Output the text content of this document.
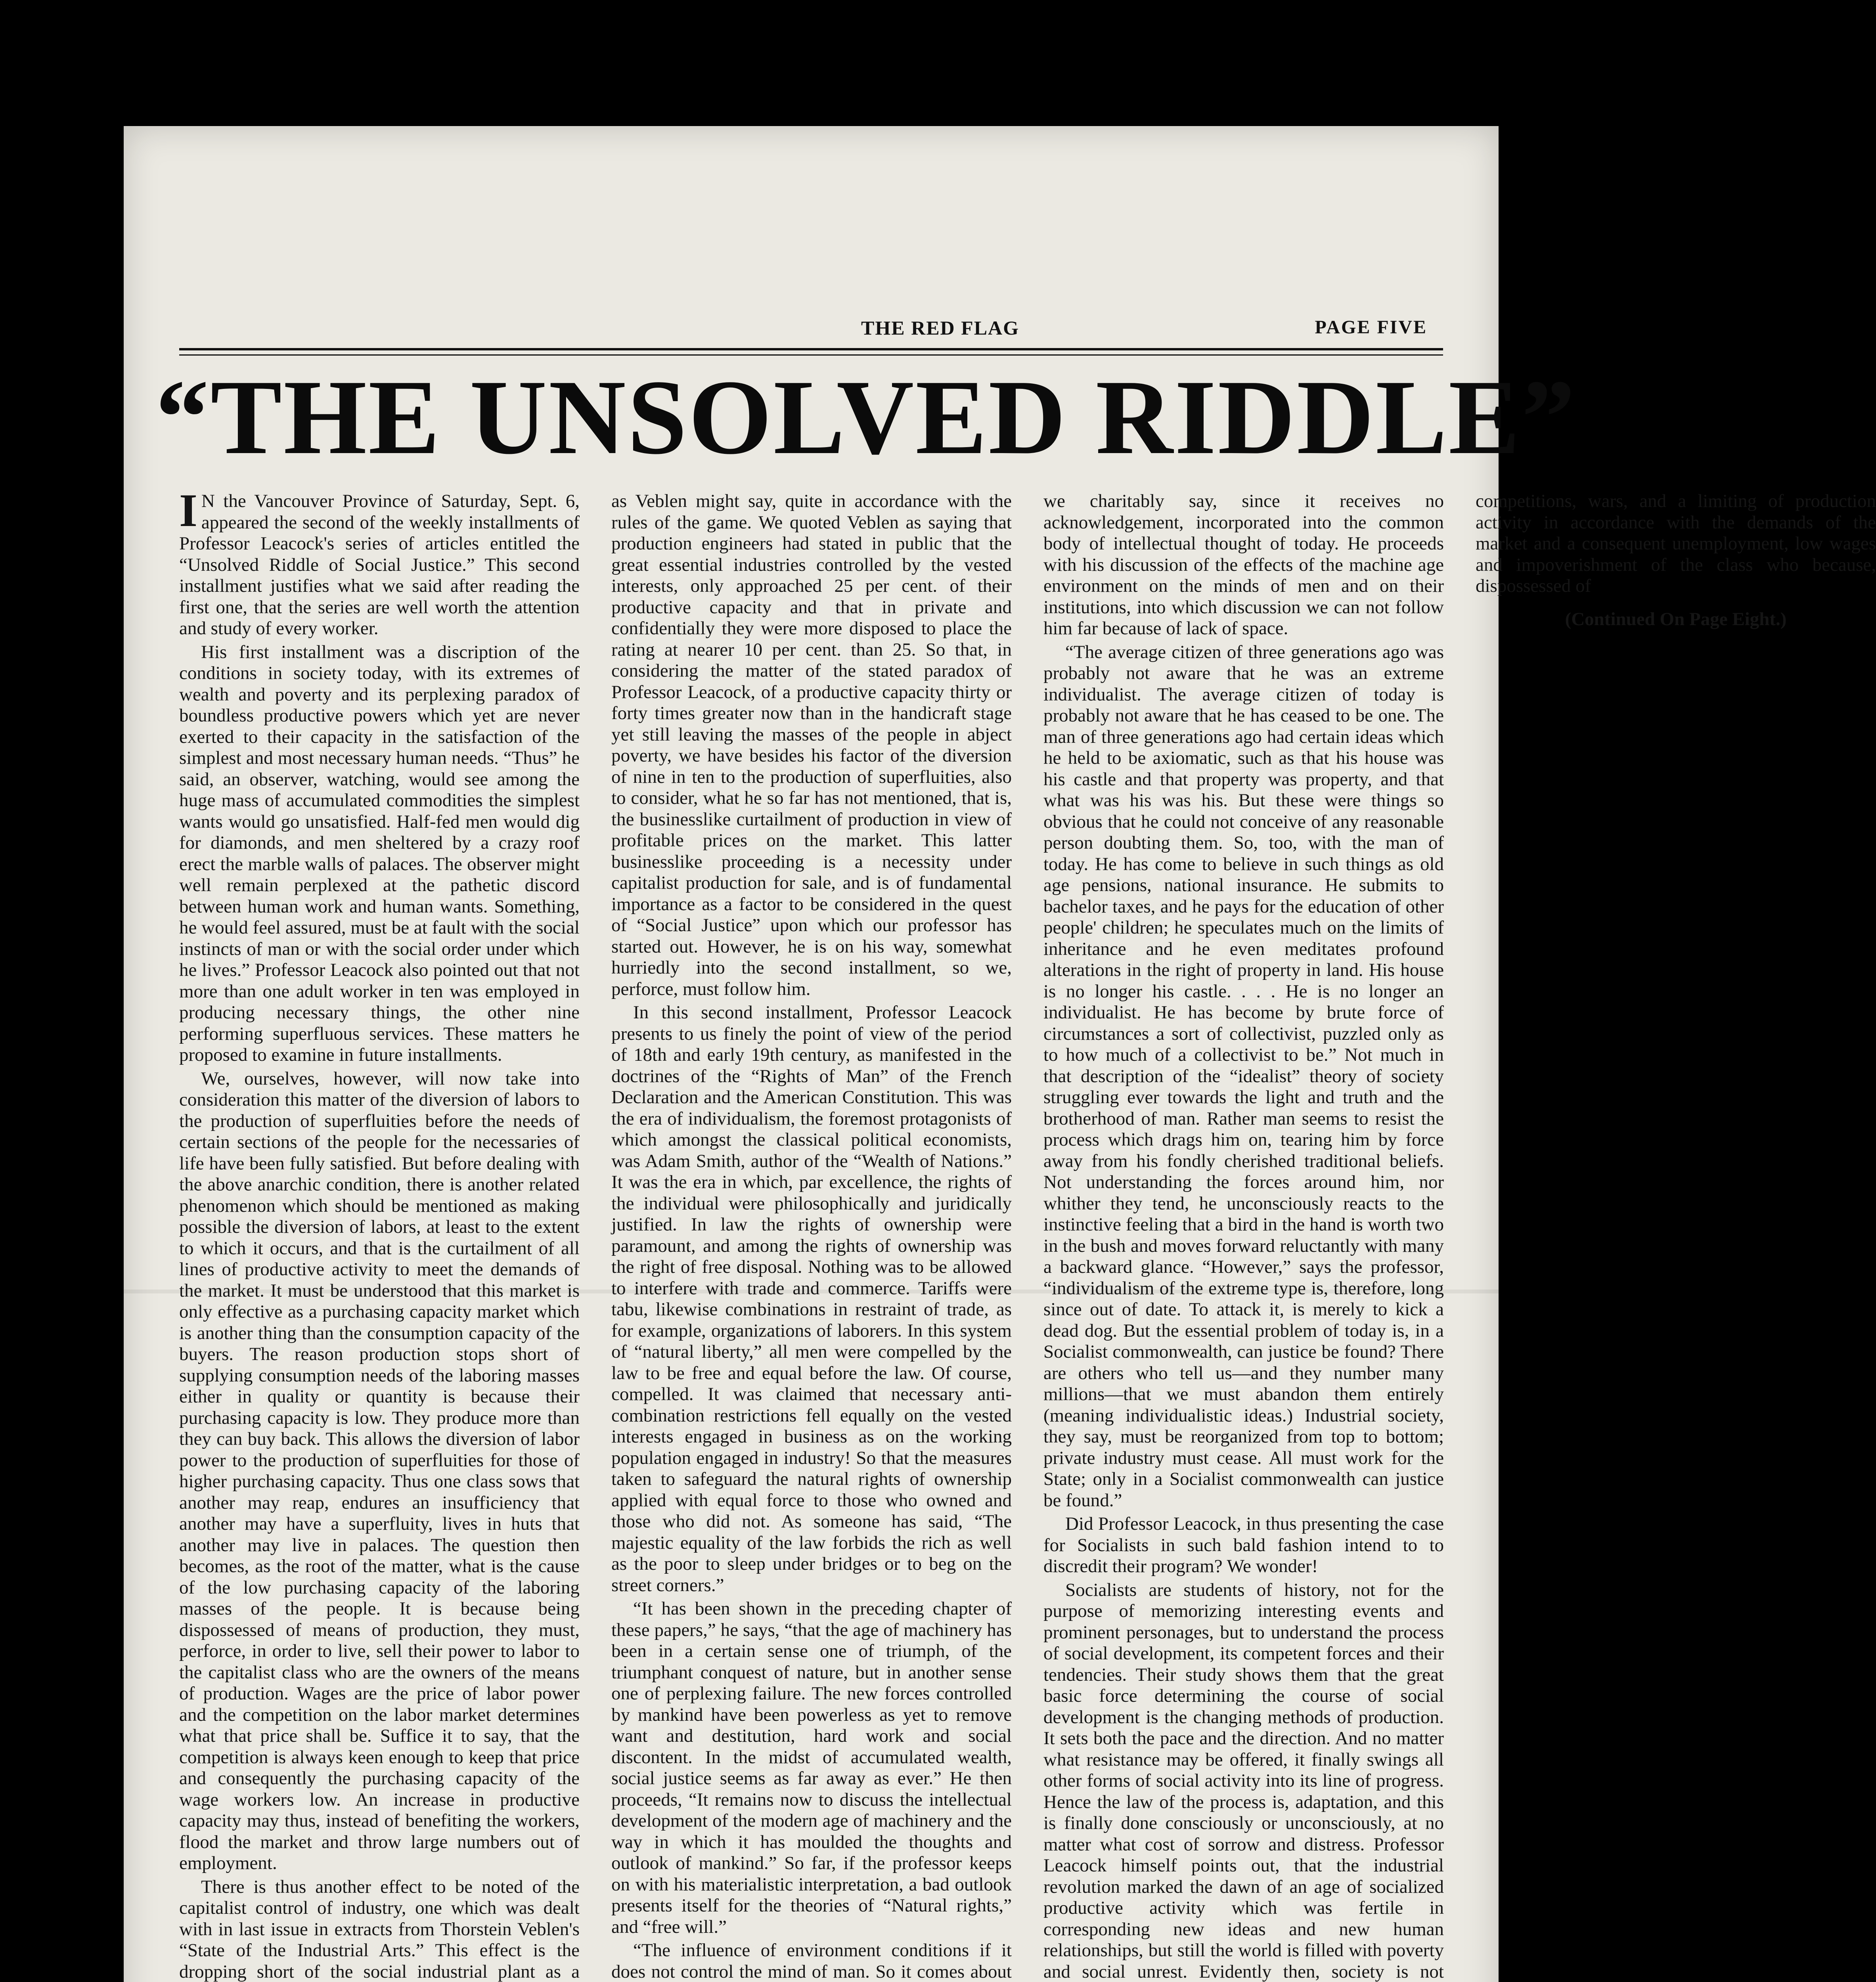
THE RED FLAG	PAGE FIVE
“THE UNSOLVED RIDDLE”

I N the Vancouver Province of Saturday, Sept. 6, appeared the second of the weekly installments of Professor Leacock's series of articles entitled the “Unsolved Riddle of Social Justice.” This second installment justifies what we said after reading the first one, that the series are well worth the attention and study of every worker.

His first installment was a discription of the conditions in society today, with its extremes of wealth and poverty and its perplexing paradox of boundless productive powers which yet are never exerted to their capacity in the satisfaction of the simplest and most necessary human needs. “Thus” he said, an observer, watching, would see among the huge mass of accumulated commodities the simplest wants would go unsatisfied. Half-fed men would dig for diamonds, and men sheltered by a crazy roof erect the marble walls of palaces. The observer might well remain perplexed at the pathetic discord between human work and human wants. Something, he would feel assured, must be at fault with the social instincts of man or with the social order under which he lives.” Professor Leacock also pointed out that not more than one adult worker in ten was employed in producing necessary things, the other nine performing superfluous services. These matters he proposed to examine in future installments.

We, ourselves, however, will now take into consideration this matter of the diversion of labors to the production of superfluities before the needs of certain sections of the people for the necessaries of life have been fully satisfied. But before dealing with the above anarchic condition, there is another related phenomenon which should be mentioned as making possible the diversion of labors, at least to the extent to which it occurs, and that is the curtailment of all lines of productive activity to meet the demands of the market. It must be understood that this market is only effective as a purchasing capacity market which is another thing than the consumption capacity of the buyers. The reason production stops short of supplying consumption needs of the laboring masses either in quality or quantity is because their purchasing capacity is low. They produce more than they can buy back. This allows the diversion of labor power to the production of superfluities for those of higher purchasing capacity. Thus one class sows that another may reap, endures an insufficiency that another may have a superfluity, lives in huts that another may live in palaces. The question then becomes, as the root of the matter, what is the cause of the low purchasing capacity of the laboring masses of the people. It is because being dispossessed of means of production, they must, perforce, in order to live, sell their power to labor to the capitalist class who are the owners of the means of production. Wages are the price of labor power and the competition on the labor market determines what that price shall be. Suffice it to say, that the competition is always keen enough to keep that price and consequently the purchasing capacity of the wage workers low. An increase in productive capacity may thus, instead of benefiting the workers, flood the market and throw large numbers out of employment.

There is thus another effect to be noted of the capitalist control of industry, one which was dealt with in last issue in extracts from Thorstein Veblen's “State of the Industrial Arts.” This effect is the dropping short of the social industrial plant as a as Veblen might say, quite in accordance with the rules of the game. We quoted Veblen as saying that production engineers had stated in public that the great essential industries controlled by the vested interests, only approached 25 per cent. of their productive capacity and that in private and confidentially they were more disposed to place the rating at nearer 10 per cent. than 25. So that, in considering the matter of the stated paradox of Professor Leacock, of a productive capacity thirty or forty times greater now than in the handicraft stage yet still leaving the masses of the people in abject poverty, we have besides his factor of the diversion of nine in ten to the production of superfluities, also to consider, what he so far has not mentioned, that is, the businesslike curtailment of production in view of profitable prices on the market. This latter businesslike proceeding is a necessity under capitalist production for sale, and is of fundamental importance as a factor to be considered in the quest of “Social Justice” upon which our professor has started out. However, he is on his way, somewhat hurriedly into the second installment, so we, perforce, must follow him.

In this second installment, Professor Leacock presents to us finely the point of view of the period of 18th and early 19th century, as manifested in the doctrines of the “Rights of Man” of the French Declaration and the American Constitution. This was the era of individualism, the foremost protagonists of which amongst the classical political economists, was Adam Smith, author of the “Wealth of Nations.” It was the era in which, par excellence, the rights of the individual were philosophically and juridically justified. In law the rights of ownership were paramount, and among the rights of ownership was the right of free disposal. Nothing was to be allowed to interfere with trade and commerce. Tariffs were tabu, likewise combinations in restraint of trade, as for example, organizations of laborers. In this system of “natural liberty,” all men were compelled by the law to be free and equal before the law. Of course, compelled. It was claimed that necessary anti-combination restrictions fell equally on the vested interests engaged in business as on the working population engaged in industry! So that the measures taken to safeguard the natural rights of ownership applied with equal force to those who owned and those who did not. As someone has said, “The majestic equality of the law forbids the rich as well as the poor to sleep under bridges or to beg on the street corners.”

“It has been shown in the preceding chapter of these papers,” he says, “that the age of machinery has been in a certain sense one of triumph, of the triumphant conquest of nature, but in another sense one of perplexing failure. The new forces controlled by mankind have been powerless as yet to remove want and destitution, hard work and social discontent. In the midst of accumulated wealth, social justice seems as far away as ever.” He then proceeds, “It remains now to discuss the intellectual development of the modern age of machinery and the way in which it has moulded the thoughts and outlook of mankind.” So far, if the professor keeps on with his materialistic interpretation, a bad outlook presents itself for the theories of “Natural rights,” and “free will.”

“The influence of environment conditions if it does not control the mind of man. So it comes about we charitably say, since it receives no acknowledgement, incorporated into the common body of intellectual thought of today. He proceeds with his discussion of the effects of the machine age environment on the minds of men and on their institutions, into which discussion we can not follow him far because of lack of space.

“The average citizen of three generations ago was probably not aware that he was an extreme individualist. The average citizen of today is probably not aware that he has ceased to be one. The man of three generations ago had certain ideas which he held to be axiomatic, such as that his house was his castle and that property was property, and that what was his was his. But these were things so obvious that he could not conceive of any reasonable person doubting them. So, too, with the man of today. He has come to believe in such things as old age pensions, national insurance. He submits to bachelor taxes, and he pays for the education of other people' children; he speculates much on the limits of inheritance and he even meditates profound alterations in the right of property in land. His house is no longer his castle. . . . He is no longer an individualist. He has become by brute force of circumstances a sort of collectivist, puzzled only as to how much of a collectivist to be.” Not much in that description of the “idealist” theory of society struggling ever towards the light and truth and the brotherhood of man. Rather man seems to resist the process which drags him on, tearing him by force away from his fondly cherished traditional beliefs. Not understanding the forces around him, nor whither they tend, he unconsciously reacts to the instinctive feeling that a bird in the hand is worth two in the bush and moves forward reluctantly with many a backward glance. “However,” says the professor, “individualism of the extreme type is, therefore, long since out of date. To attack it, is merely to kick a dead dog. But the essential problem of today is, in a Socialist commonwealth, can justice be found? There are others who tell us—and they number many millions—that we must abandon them entirely (meaning individualistic ideas.) Industrial society, they say, must be reorganized from top to bottom; private industry must cease. All must work for the State; only in a Socialist commonwealth can justice be found.”

Did Professor Leacock, in thus presenting the case for Socialists in such bald fashion intend to to discredit their program? We wonder!

Socialists are students of history, not for the purpose of memorizing interesting events and prominent personages, but to understand the process of social development, its competent forces and their tendencies. Their study shows them that the great basic force determining the course of social development is the changing methods of production. It sets both the pace and the direction. And no matter what resistance may be offered, it finally swings all other forms of social activity into its line of progress. Hence the law of the process is, adaptation, and this is finally done consciously or unconsciously, at no matter what cost of sorrow and distress. Professor Leacock himself points out, that the industrial revolution marked the dawn of an age of socialized productive activity which was fertile in corresponding new ideas and new human relationships, but still the world is filled with poverty and social unrest. Evidently then, society is not competitions, wars, and a limiting of production activity in accordance with the demands of the market and a consequent unemployment, low wages and impoverishment of the class who because, dispossessed of

(Continued On Page Eight.)
